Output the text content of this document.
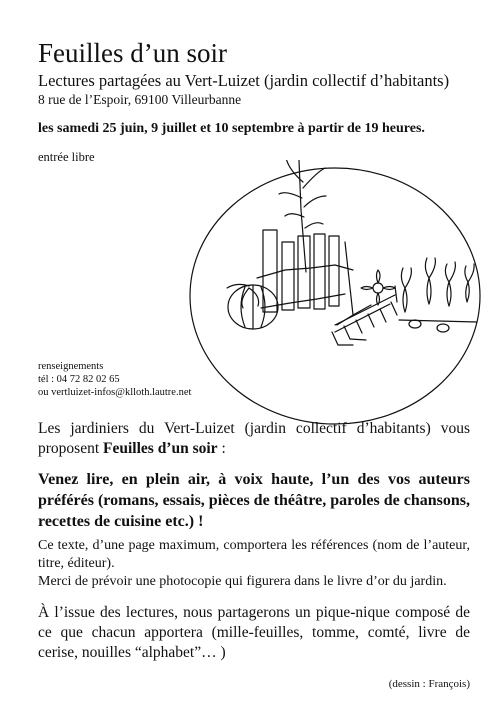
Feuilles d’un soir
Lectures partagées au Vert-Luizet (jardin collectif d’habitants)
8 rue de l’Espoir, 69100 Villeurbanne
les samedi 25 juin, 9 juillet et 10 septembre à partir de 19 heures.
entrée libre
renseignements
tél : 04 72 82 02 65
ou vertluizet-infos@klloth.lautre.net
Les jardiniers du Vert-Luizet (jardin collectif d’habitants) vous proposent Feuilles d’un soir :
Venez lire, en plein air, à voix haute, l’un des vos auteurs préférés (romans, essais, pièces de théâtre, paroles de chansons, recettes de cuisine etc.) !
Ce texte, d’une page maximum, comportera les références (nom de l’auteur, titre, éditeur).
Merci de prévoir une photocopie qui figurera dans le livre d’or du jardin.
À l’issue des lectures, nous partagerons un pique-nique composé de ce que chacun apportera (mille-feuilles, tomme, comté, livre de cerise, nouilles “alphabet”… )
(dessin : François)
